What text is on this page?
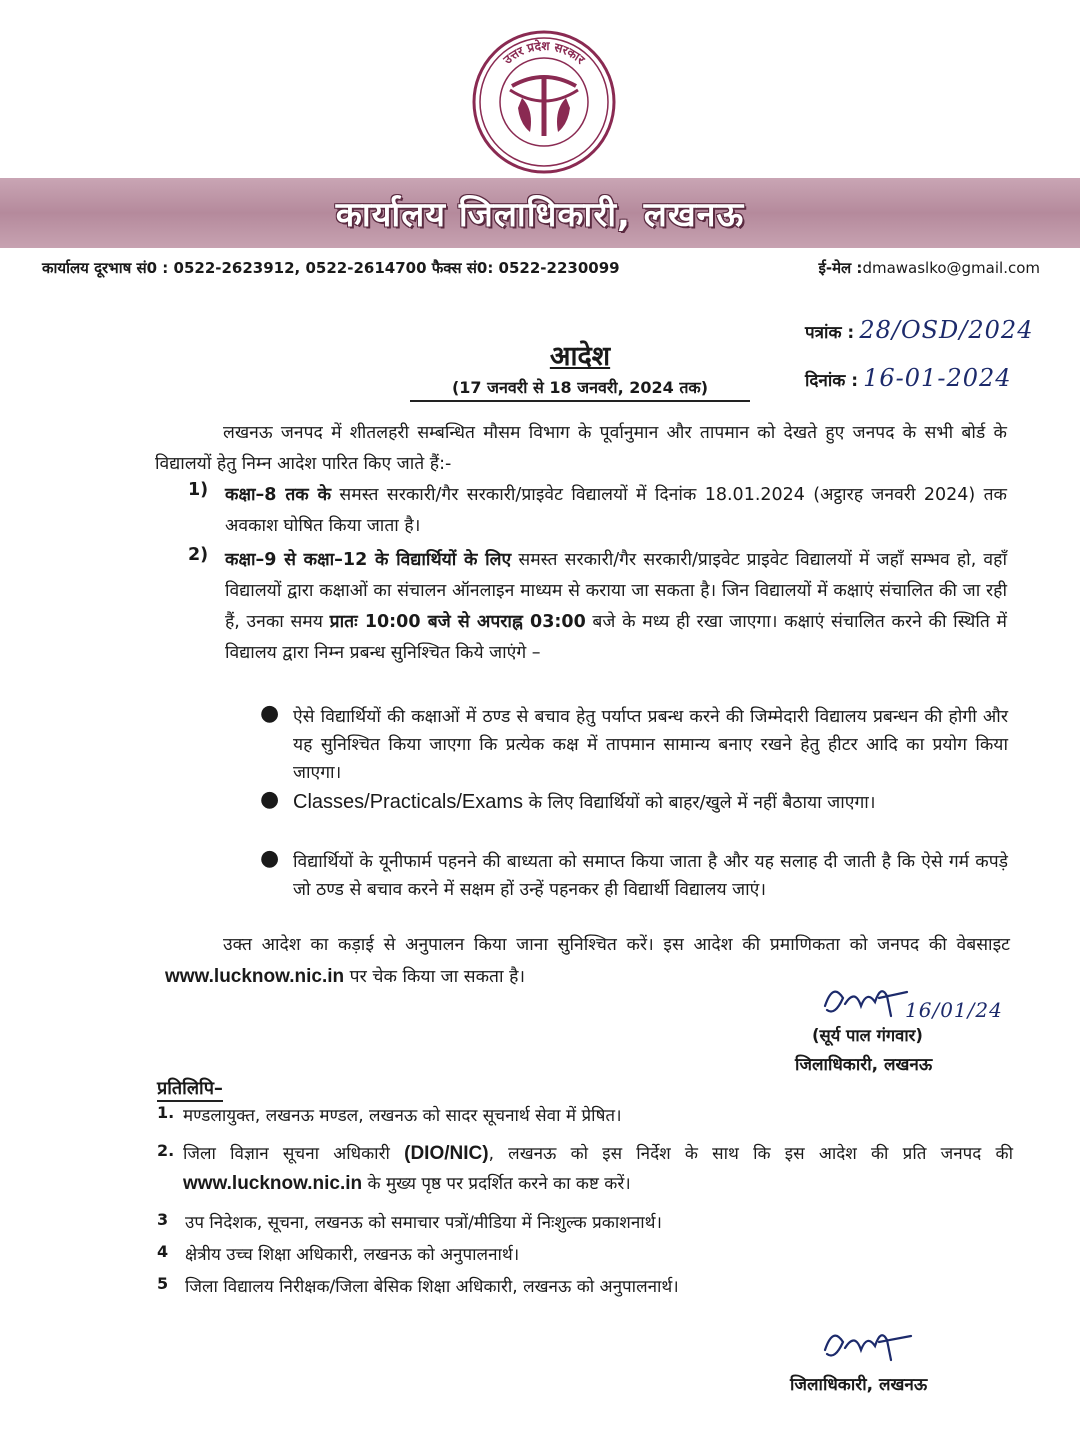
उत्तर प्रदेश सरकार
कार्यालय जिलाधिकारी, लखनऊ
कार्यालय दूरभाष सं0 : 0522-2623912, 0522-2614700 फैक्स सं0: 0522-2230099	ई-मेल :dmawaslko@gmail.com
पत्रांक : 28/OSD/2024
दिनांक : 16-01-2024
आदेश
(17 जनवरी से 18 जनवरी, 2024 तक)
लखनऊ जनपद में शीतलहरी सम्बन्धित मौसम विभाग के पूर्वानुमान और तापमान को देखते हुए जनपद के सभी बोर्ड के विद्यालयों हेतु निम्न आदेश पारित किए जाते हैं:-
1) कक्षा–8 तक के समस्त सरकारी/गैर सरकारी/प्राइवेट विद्यालयों में दिनांक 18.01.2024 (अट्ठारह जनवरी 2024) तक अवकाश घोषित किया जाता है।
2) कक्षा–9 से कक्षा–12 के विद्यार्थियों के लिए समस्त सरकारी/गैर सरकारी/प्राइवेट प्राइवेट विद्यालयों में जहाँ सम्भव हो, वहाँ विद्यालयों द्वारा कक्षाओं का संचालन ऑनलाइन माध्यम से कराया जा सकता है। जिन विद्यालयों में कक्षाएं संचालित की जा रही हैं, उनका समय प्रातः 10:00 बजे से अपराह्न 03:00 बजे के मध्य ही रखा जाएगा। कक्षाएं संचालित करने की स्थिति में विद्यालय द्वारा निम्न प्रबन्ध सुनिश्चित किये जाएंगे –
● ऐसे विद्यार्थियों की कक्षाओं में ठण्ड से बचाव हेतु पर्याप्त प्रबन्ध करने की जिम्मेदारी विद्यालय प्रबन्धन की होगी और यह सुनिश्चित किया जाएगा कि प्रत्येक कक्ष में तापमान सामान्य बनाए रखने हेतु हीटर आदि का प्रयोग किया जाएगा।
● Classes/Practicals/Exams के लिए विद्यार्थियों को बाहर/खुले में नहीं बैठाया जाएगा।
● विद्यार्थियों के यूनीफार्म पहनने की बाध्यता को समाप्त किया जाता है और यह सलाह दी जाती है कि ऐसे गर्म कपड़े जो ठण्ड से बचाव करने में सक्षम हों उन्हें पहनकर ही विद्यार्थी विद्यालय जाएं।
उक्त आदेश का कड़ाई से अनुपालन किया जाना सुनिश्चित करें। इस आदेश की प्रमाणिकता को जनपद की वेबसाइट www.lucknow.nic.in पर चेक किया जा सकता है।
16/01/24
(सूर्य पाल गंगवार)
जिलाधिकारी, लखनऊ
प्रतिलिपि–
1. मण्डलायुक्त, लखनऊ मण्डल, लखनऊ को सादर सूचनार्थ सेवा में प्रेषित।
2. जिला विज्ञान सूचना अधिकारी (DIO/NIC), लखनऊ को इस निर्देश के साथ कि इस आदेश की प्रति जनपद की www.lucknow.nic.in के मुख्य पृष्ठ पर प्रदर्शित करने का कष्ट करें।
3 उप निदेशक, सूचना, लखनऊ को समाचार पत्रों/मीडिया में निःशुल्क प्रकाशनार्थ।
4 क्षेत्रीय उच्च शिक्षा अधिकारी, लखनऊ को अनुपालनार्थ।
5 जिला विद्यालय निरीक्षक/जिला बेसिक शिक्षा अधिकारी, लखनऊ को अनुपालनार्थ।
जिलाधिकारी, लखनऊ
